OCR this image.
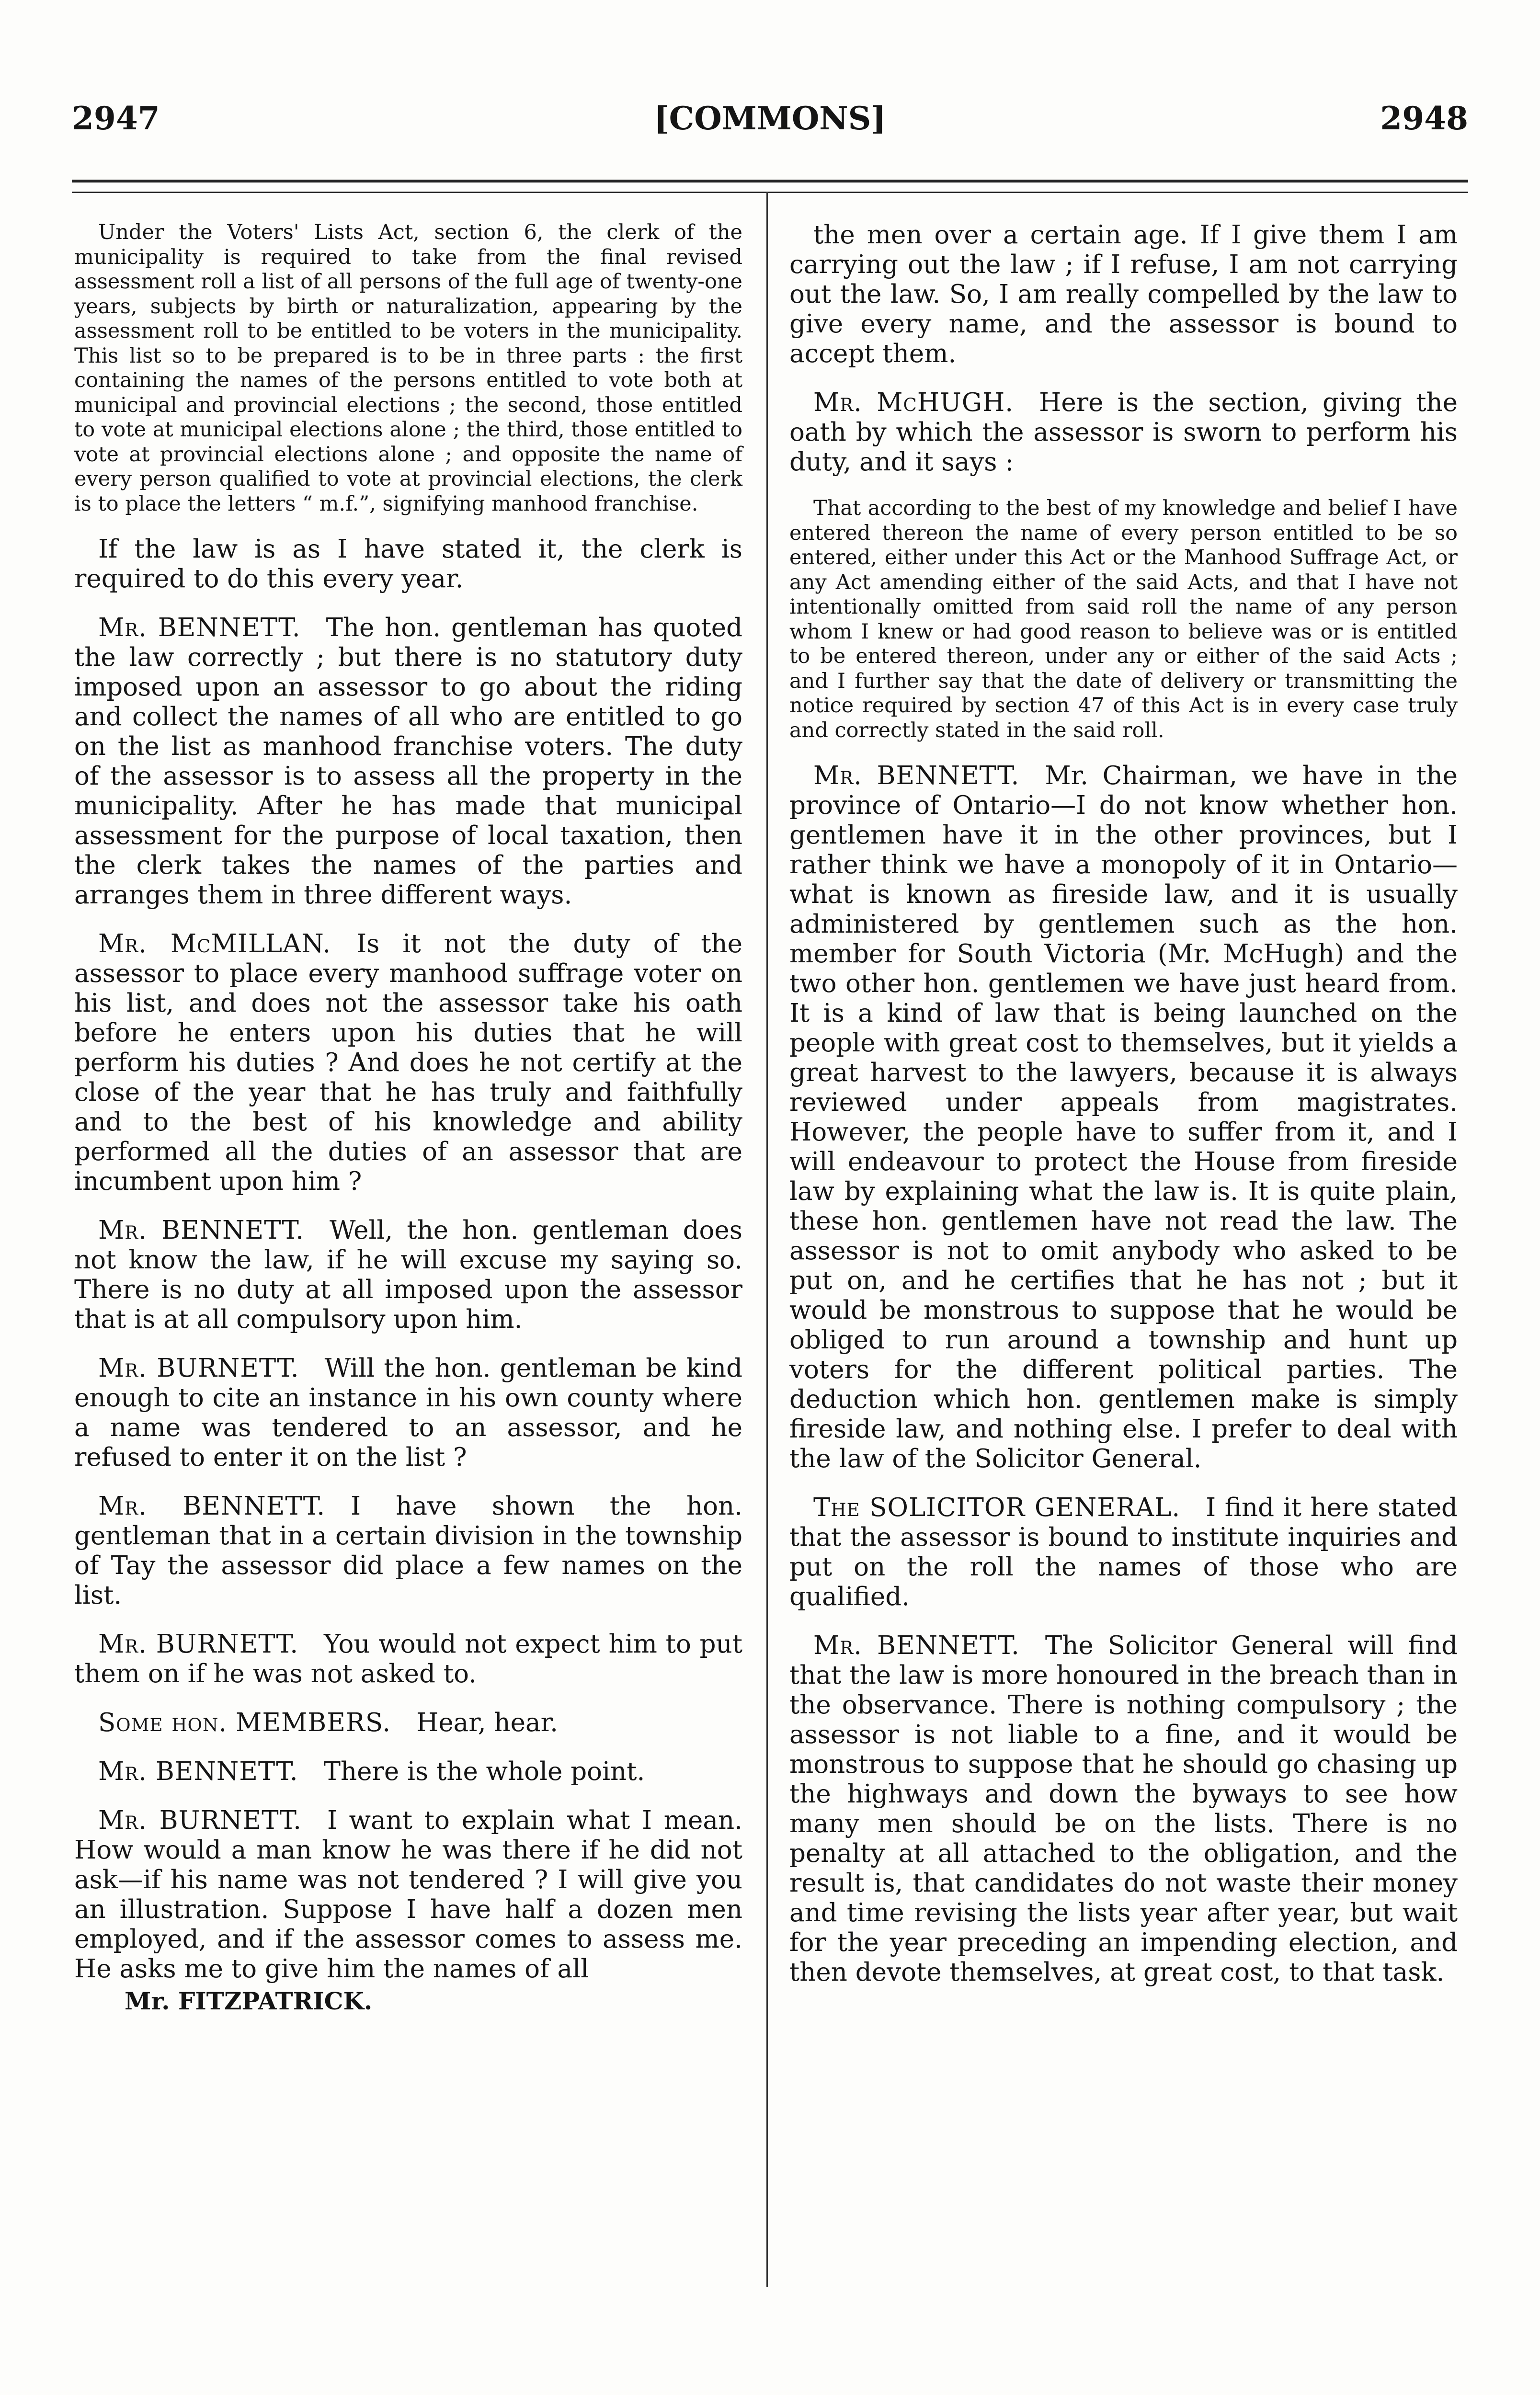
2947	[COMMONS]	2948

Under the Voters' Lists Act, section 6, the clerk of the municipality is required to take from the final revised assessment roll a list of all persons of the full age of twenty-one years, subjects by birth or naturalization, appearing by the assessment roll to be entitled to be voters in the municipality. This list so to be prepared is to be in three parts : the first containing the names of the persons entitled to vote both at municipal and provincial elections ; the second, those entitled to vote at municipal elections alone ; the third, those entitled to vote at provincial elections alone ; and opposite the name of every person qualified to vote at provincial elections, the clerk is to place the letters “ m.f.”, signifying manhood franchise.

If the law is as I have stated it, the clerk is required to do this every year.

Mr. BENNETT.  The hon. gentleman has quoted the law correctly ; but there is no statutory duty imposed upon an assessor to go about the riding and collect the names of all who are entitled to go on the list as manhood franchise voters. The duty of the assessor is to assess all the property in the municipality. After he has made that municipal assessment for the purpose of local taxation, then the clerk takes the names of the parties and arranges them in three different ways.

Mr. McMILLAN.  Is it not the duty of the assessor to place every manhood suffrage voter on his list, and does not the assessor take his oath before he enters upon his duties that he will perform his duties ? And does he not certify at the close of the year that he has truly and faithfully and to the best of his knowledge and ability performed all the duties of an assessor that are incumbent upon him ?

Mr. BENNETT.  Well, the hon. gentleman does not know the law, if he will excuse my saying so. There is no duty at all imposed upon the assessor that is at all compulsory upon him.

Mr. BURNETT.  Will the hon. gentleman be kind enough to cite an instance in his own county where a name was tendered to an assessor, and he refused to enter it on the list ?

Mr. BENNETT.  I have shown the hon. gentleman that in a certain division in the township of Tay the assessor did place a few names on the list.

Mr. BURNETT.  You would not expect him to put them on if he was not asked to.

Some hon. MEMBERS.  Hear, hear.

Mr. BENNETT.  There is the whole point.

Mr. BURNETT.  I want to explain what I mean. How would a man know he was there if he did not ask—if his name was not tendered ? I will give you an illustration. Suppose I have half a dozen men employed, and if the assessor comes to assess me. He asks me to give him the names of all

Mr. FITZPATRICK.

the men over a certain age. If I give them I am carrying out the law ; if I refuse, I am not carrying out the law. So, I am really compelled by the law to give every name, and the assessor is bound to accept them.

Mr. McHUGH.  Here is the section, giving the oath by which the assessor is sworn to perform his duty, and it says :

That according to the best of my knowledge and belief I have entered thereon the name of every person entitled to be so entered, either under this Act or the Manhood Suffrage Act, or any Act amending either of the said Acts, and that I have not intentionally omitted from said roll the name of any person whom I knew or had good reason to believe was or is entitled to be entered thereon, under any or either of the said Acts ; and I further say that the date of delivery or transmitting the notice required by section 47 of this Act is in every case truly and correctly stated in the said roll.

Mr. BENNETT.  Mr. Chairman, we have in the province of Ontario—I do not know whether hon. gentlemen have it in the other provinces, but I rather think we have a monopoly of it in Ontario—what is known as fireside law, and it is usually administered by gentlemen such as the hon. member for South Victoria (Mr. McHugh) and the two other hon. gentlemen we have just heard from. It is a kind of law that is being launched on the people with great cost to themselves, but it yields a great harvest to the lawyers, because it is always reviewed under appeals from magistrates. However, the people have to suffer from it, and I will endeavour to protect the House from fireside law by explaining what the law is. It is quite plain, these hon. gentlemen have not read the law. The assessor is not to omit anybody who asked to be put on, and he certifies that he has not ; but it would be monstrous to suppose that he would be obliged to run around a township and hunt up voters for the different political parties. The deduction which hon. gentlemen make is simply fireside law, and nothing else. I prefer to deal with the law of the Solicitor General.

The SOLICITOR GENERAL.  I find it here stated that the assessor is bound to institute inquiries and put on the roll the names of those who are qualified.

Mr. BENNETT.  The Solicitor General will find that the law is more honoured in the breach than in the observance. There is nothing compulsory ; the assessor is not liable to a fine, and it would be monstrous to suppose that he should go chasing up the highways and down the byways to see how many men should be on the lists. There is no penalty at all attached to the obligation, and the result is, that candidates do not waste their money and time revising the lists year after year, but wait for the year preceding an impending election, and then devote themselves, at great cost, to that task.
